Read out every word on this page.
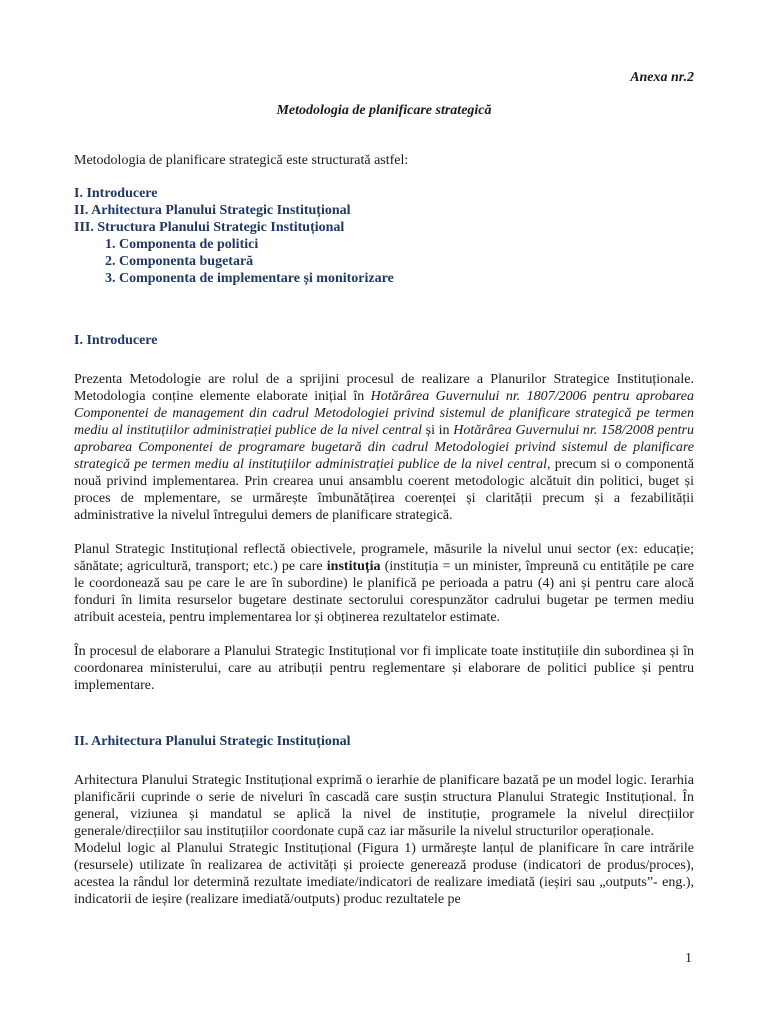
Anexa nr.2
Metodologia de planificare strategică

Metodologia de planificare strategică este structurată astfel:

I. Introducere
II. Arhitectura Planului Strategic Instituțional
III. Structura Planului Strategic Instituțional
1. Componenta de politici
2. Componenta bugetară
3. Componenta de implementare și monitorizare
I. Introducere

Prezenta Metodologie are rolul de a sprijini procesul de realizare a Planurilor Strategice Instituționale. Metodologia conține elemente elaborate inițial în Hotărârea Guvernului nr. 1807/2006 pentru aprobarea Componentei de management din cadrul Metodologiei privind sistemul de planificare strategică pe termen mediu al instituțiilor administrației publice de la nivel central și in Hotărârea Guvernului nr. 158/2008 pentru aprobarea Componentei de programare bugetară din cadrul Metodologiei privind sistemul de planificare strategică pe termen mediu al instituțiilor administrației publice de la nivel central, precum si o componentă nouă privind implementarea. Prin crearea unui ansamblu coerent metodologic alcătuit din politici, buget și proces de mplementare, se urmărește îmbunătățirea coerenței și clarității precum și a fezabilității administrative la nivelul întregului demers de planificare strategică.

Planul Strategic Instituțional reflectă obiectivele, programele, măsurile la nivelul unui sector (ex: educație; sănătate; agricultură, transport; etc.) pe care instituția (instituția = un minister, împreună cu entitățile pe care le coordonează sau pe care le are în subordine) le planifică pe perioada a patru (4) ani și pentru care alocă fonduri în limita resurselor bugetare destinate sectorului corespunzător cadrului bugetar pe termen mediu atribuit acesteia, pentru implementarea lor și obținerea rezultatelor estimate.

În procesul de elaborare a Planului Strategic Instituțional vor fi implicate toate instituțiile din subordinea și în coordonarea ministerului, care au atribuții pentru reglementare și elaborare de politici publice și pentru implementare.

II. Arhitectura Planului Strategic Instituțional

Arhitectura Planului Strategic Instituțional exprimă o ierarhie de planificare bazată pe un model logic. Ierarhia planificării cuprinde o serie de niveluri în cascadă care susțin structura Planului Strategic Instituțional. În general, viziunea și mandatul se aplică la nivel de instituție, programele la nivelul direcțiilor generale/direcțiilor sau instituțiilor coordonate cupă caz iar măsurile la nivelul structurilor operaționale.

Modelul logic al Planului Strategic Instituțional (Figura 1) urmărește lanțul de planificare în care intrările (resursele) utilizate în realizarea de activități și proiecte generează produse (indicatori de produs/proces), acestea la rândul lor determină rezultate imediate/indicatori de realizare imediată (ieșiri sau „outputs”- eng.), indicatorii de ieșire (realizare imediată/outputs) produc rezultatele pe

1
